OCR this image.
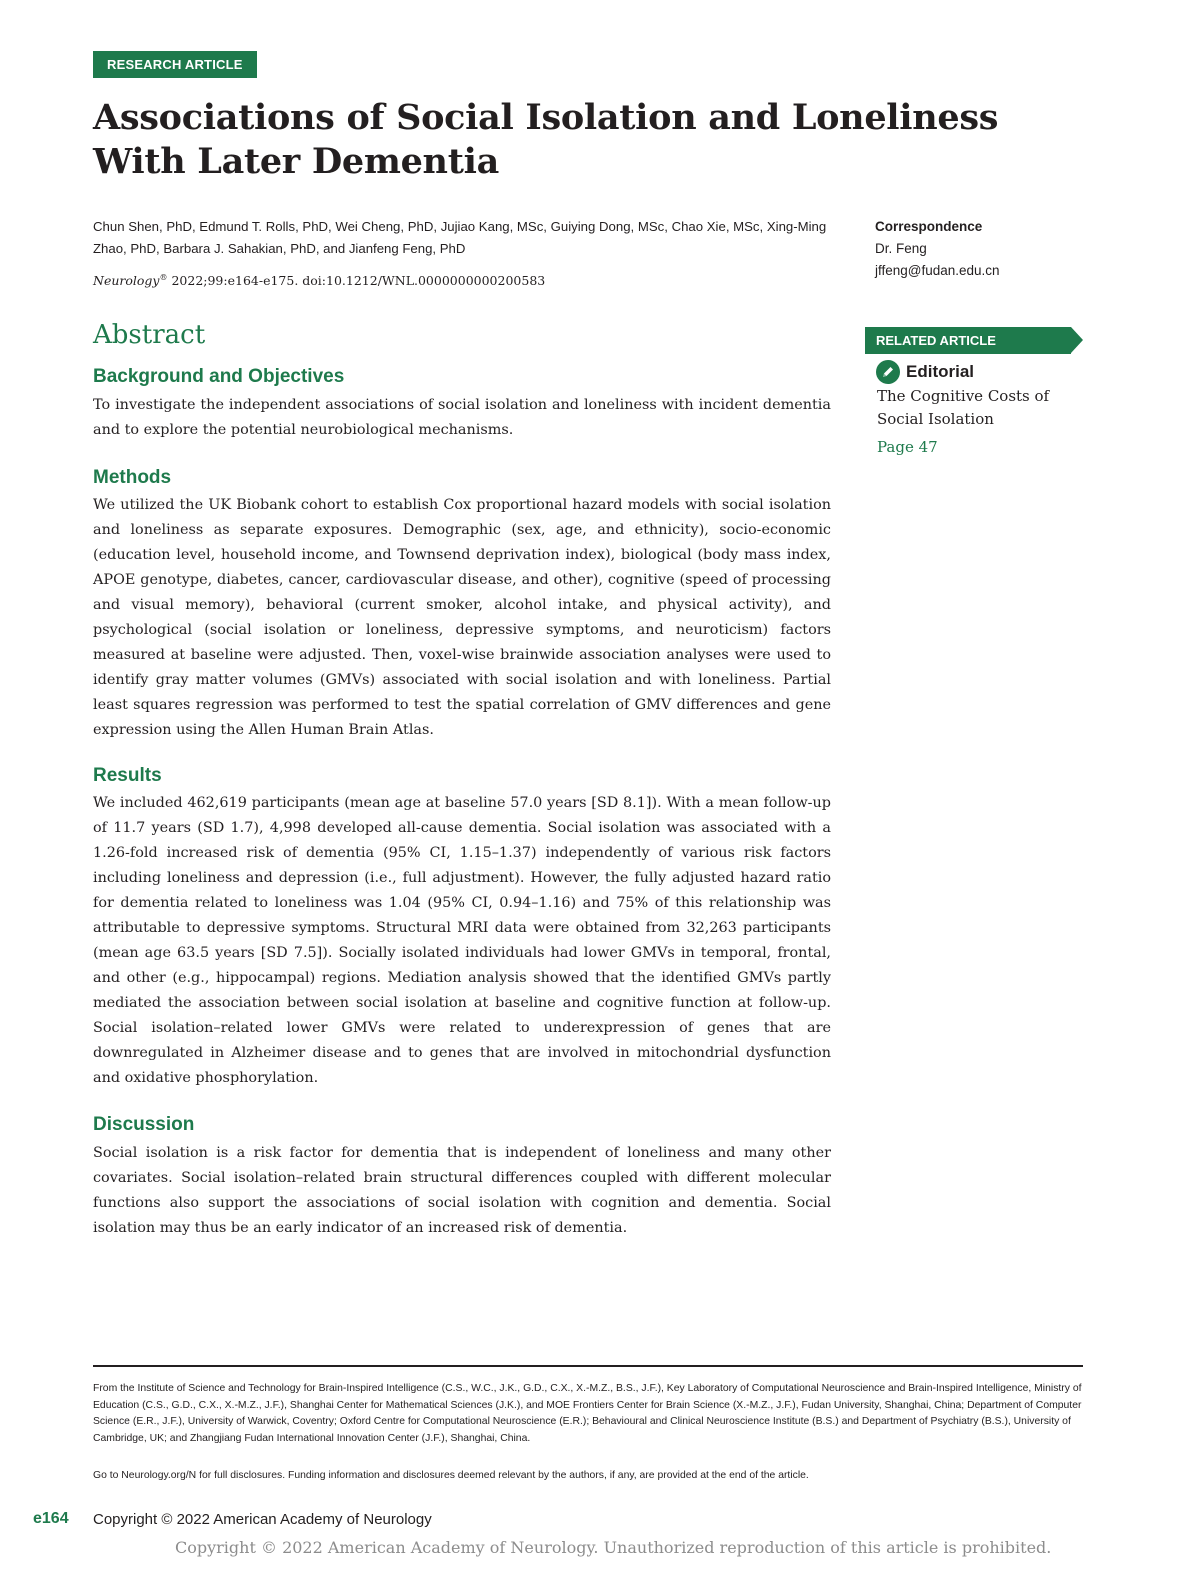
RESEARCH ARTICLE
Associations of Social Isolation and Loneliness With Later Dementia
Chun Shen, PhD, Edmund T. Rolls, PhD, Wei Cheng, PhD, Jujiao Kang, MSc, Guiying Dong, MSc, Chao Xie, MSc, Xing-Ming Zhao, PhD, Barbara J. Sahakian, PhD, and Jianfeng Feng, PhD
Neurology® 2022;99:e164-e175. doi:10.1212/WNL.0000000000200583
Correspondence
Dr. Feng
jffeng@fudan.edu.cn
RELATED ARTICLE
Editorial
The Cognitive Costs of Social Isolation
Page 47
Abstract
Background and Objectives

To investigate the independent associations of social isolation and loneliness with incident dementia and to explore the potential neurobiological mechanisms.

Methods

We utilized the UK Biobank cohort to establish Cox proportional hazard models with social isolation and loneliness as separate exposures. Demographic (sex, age, and ethnicity), socio-economic (education level, household income, and Townsend deprivation index), biological (body mass index, APOE genotype, diabetes, cancer, cardiovascular disease, and other), cognitive (speed of processing and visual memory), behavioral (current smoker, alcohol intake, and physical activity), and psychological (social isolation or loneliness, depressive symptoms, and neuroticism) factors measured at baseline were adjusted. Then, voxel-wise brainwide association analyses were used to identify gray matter volumes (GMVs) associated with social isolation and with loneliness. Partial least squares regression was performed to test the spatial correlation of GMV differences and gene expression using the Allen Human Brain Atlas.

Results

We included 462,619 participants (mean age at baseline 57.0 years [SD 8.1]). With a mean follow-up of 11.7 years (SD 1.7), 4,998 developed all-cause dementia. Social isolation was associated with a 1.26-fold increased risk of dementia (95% CI, 1.15–1.37) independently of various risk factors including loneliness and depression (i.e., full adjustment). However, the fully adjusted hazard ratio for dementia related to loneliness was 1.04 (95% CI, 0.94–1.16) and 75% of this relationship was attributable to depressive symptoms. Structural MRI data were obtained from 32,263 participants (mean age 63.5 years [SD 7.5]). Socially isolated individuals had lower GMVs in temporal, frontal, and other (e.g., hippocampal) regions. Mediation analysis showed that the identified GMVs partly mediated the association between social isolation at baseline and cognitive function at follow-up. Social isolation–related lower GMVs were related to underexpression of genes that are downregulated in Alzheimer disease and to genes that are involved in mitochondrial dysfunction and oxidative phosphorylation.

Discussion

Social isolation is a risk factor for dementia that is independent of loneliness and many other covariates. Social isolation–related brain structural differences coupled with different molecular functions also support the associations of social isolation with cognition and dementia. Social isolation may thus be an early indicator of an increased risk of dementia.

From the Institute of Science and Technology for Brain-Inspired Intelligence (C.S., W.C., J.K., G.D., C.X., X.-M.Z., B.S., J.F.), Key Laboratory of Computational Neuroscience and Brain-Inspired Intelligence, Ministry of Education (C.S., G.D., C.X., X.-M.Z., J.F.), Shanghai Center for Mathematical Sciences (J.K.), and MOE Frontiers Center for Brain Science (X.-M.Z., J.F.), Fudan University, Shanghai, China; Department of Computer Science (E.R., J.F.), University of Warwick, Coventry; Oxford Centre for Computational Neuroscience (E.R.); Behavioural and Clinical Neuroscience Institute (B.S.) and Department of Psychiatry (B.S.), University of Cambridge, UK; and Zhangjiang Fudan International Innovation Center (J.F.), Shanghai, China.

Go to Neurology.org/N for full disclosures. Funding information and disclosures deemed relevant by the authors, if any, are provided at the end of the article.
e164 Copyright © 2022 American Academy of Neurology
Copyright © 2022 American Academy of Neurology. Unauthorized reproduction of this article is prohibited.
